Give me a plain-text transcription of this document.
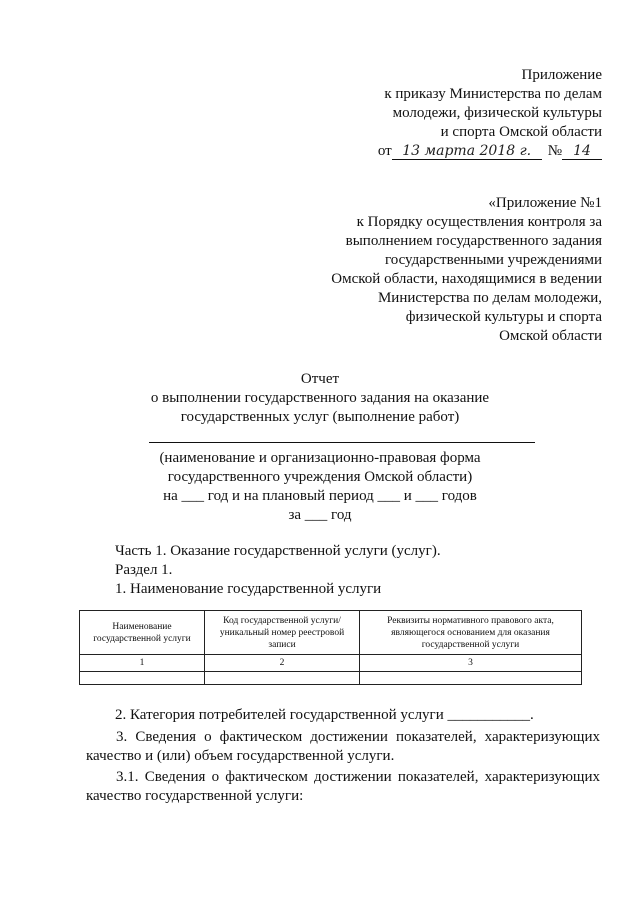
Приложение
к приказу Министерства по делам
молодежи, физической культуры
и спорта Омской области
от 13 марта 2018 г. № 14
«Приложение №1
к Порядку осуществления контроля за
выполнением государственного задания
государственными учреждениями
Омской области, находящимися в ведении
Министерства по делам молодежи,
физической культуры и спорта
Омской области
Отчет
о выполнении государственного задания на оказание
государственных услуг (выполнение работ)
(наименование и организационно-правовая форма
государственного учреждения Омской области)
на ___ год и на плановый период ___ и ___ годов
за ___ год
Часть 1. Оказание государственной услуги (услуг).
Раздел 1.
1. Наименование государственной услуги
Наименование государственной услуги	Код государственной услуги/уникальный номер реестровой записи	Реквизиты нормативного правового акта, являющегося основанием для оказания государственной услуги
1	2	3

2. Категория потребителей государственной услуги ___________.
3. Сведения о фактическом достижении показателей, характеризующих качество и (или) объем государственной услуги.
3.1. Сведения о фактическом достижении показателей, характеризующих качество государственной услуги:
